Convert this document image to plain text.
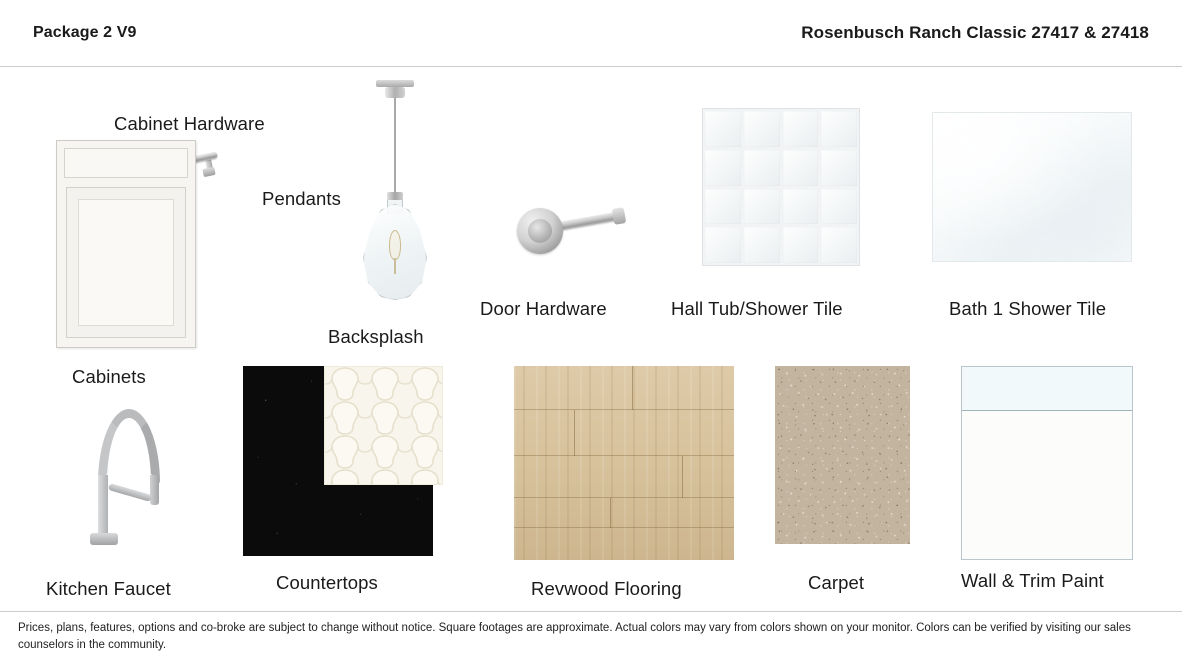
Package 2 V9	Rosenbusch Ranch Classic 27417 & 27418
Cabinet Hardware
Cabinets
Pendants
Door Hardware	Hall Tub/Shower Tile	Bath 1 Shower Tile
Kitchen Faucet
Backsplash
Countertops	Revwood Flooring	Carpet	Wall & Trim Paint
Prices, plans, features, options and co-broke are subject to change without notice. Square footages are approximate. Actual colors may vary from colors shown on your monitor. Colors can be verified by visiting our sales counselors in the community.
